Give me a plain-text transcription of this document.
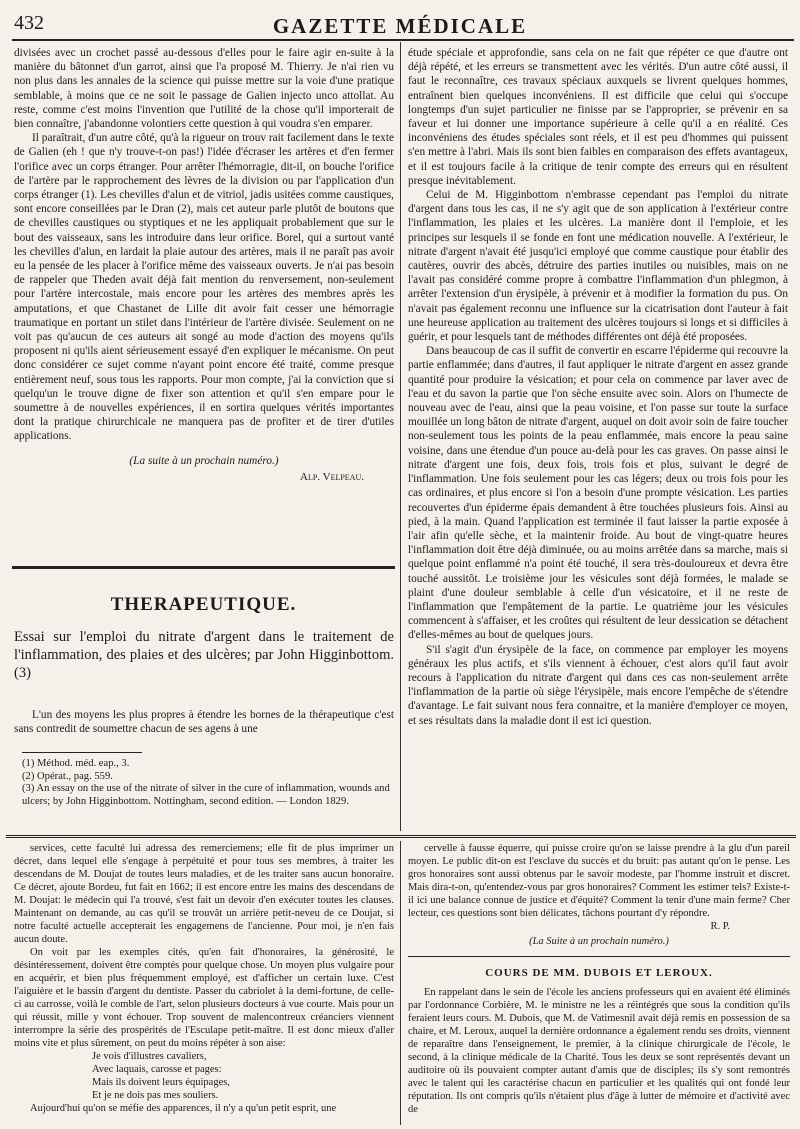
432	GAZETTE MÉDICALE

divisées avec un crochet passé au-dessous d'elles pour le faire agir en-suite à la manière du bâtonnet d'un garrot, ainsi que l'a proposé M. Thierry. Je n'ai rien vu non plus dans les annales de la science qui puisse mettre sur la voie d'une pratique semblable, à moins que ce ne soit le passage de Galien injecto unco attollat. Au reste, comme c'est moins l'invention que l'utilité de la chose qu'il importerait de bien connaître, j'abandonne volontiers cette question à qui voudra s'en emparer.

Il paraîtrait, d'un autre côté, qu'à la rigueur on trouv rait facilement dans le texte de Galien (eh ! que n'y trouve-t-on pas!) l'idée d'écraser les artères et d'en fermer l'orifice avec un corps étranger. Pour arrêter l'hémorragie, dit-il, on bouche l'orifice de l'artère par le rapprochement des lèvres de la division ou par l'application d'un corps étranger (1). Les chevilles d'alun et de vitriol, jadis usitées comme caustiques, sont encore conseillées par le Dran (2), mais cet auteur parle plutôt de boutons que de chevilles caustiques ou styptiques et ne les appliquait probablement que sur le bout des vaisseaux, sans les introduire dans leur orifice. Borel, qui a surtout vanté les chevilles d'alun, en lardait la plaie autour des artères, mais il ne paraît pas avoir eu la pensée de les placer à l'orifice même des vaisseaux ouverts. Je n'ai pas besoin de rappeler que Theden avait déjà fait mention du renversement, non-seulement pour l'artère intercostale, mais encore pour les artères des membres après les amputations, et que Chastanet de Lille dit avoir fait cesser une hémorragie traumatique en portant un stilet dans l'intérieur de l'artère divisée. Seulement on ne voit pas qu'aucun de ces auteurs ait songé au mode d'action des moyens qu'ils proposent ni qu'ils aient sérieusement essayé d'en expliquer le mécanisme. On peut donc considérer ce sujet comme n'ayant point encore été traité, comme presque entièrement neuf, sous tous les rapports. Pour mon compte, j'ai la conviction que si quelqu'un le trouve digne de fixer son attention et qu'il s'en empare pour le soumettre à de nouvelles expériences, il en sortira quelques vérités importantes dont la pratique chirurchicale ne manquera pas de profiter et de tirer d'utiles applications.

(La suite à un prochain numéro.)
Alp. Velpeau.
THERAPEUTIQUE.
Essai sur l'emploi du nitrate d'argent dans le traitement de l'inflammation, des plaies et des ulcères; par John Higginbottom. (3)

L'un des moyens les plus propres à étendre les bornes de la thérapeutique c'est sans contredit de soumettre chacun de ses agens à une

(1) Méthod. méd. eap., 3.
(2) Opérat., pag. 559.
(3) An essay on the use of the nitrate of silver in the cure of inflammation, wounds and ulcers; by John Higginbottom. Nottingham, second edition. — London 1829.

étude spéciale et approfondie, sans cela on ne fait que répéter ce que d'autre ont déjà répété, et les erreurs se transmettent avec les vérités. D'un autre côté aussi, il faut le reconnaître, ces travaux spéciaux auxquels se livrent quelques hommes, entraînent bien quelques inconvéniens. Il est difficile que celui qui s'occupe longtemps d'un sujet particulier ne finisse par se l'approprier, se prévenir en sa faveur et lui donner une importance supérieure à celle qu'il a en réalité. Ces inconvéniens des études spéciales sont réels, et il est peu d'hommes qui puissent s'en mettre à l'abri. Mais ils sont bien faibles en comparaison des effets avantageux, et il est toujours facile à la critique de tenir compte des erreurs qui en résultent presque inévitablement.

Celui de M. Higginbottom n'embrasse cependant pas l'emploi du nitrate d'argent dans tous les cas, il ne s'y agit que de son application à l'extérieur contre l'inflammation, les plaies et les ulcères. La manière dont il l'emploie, et les principes sur lesquels il se fonde en font une médication nouvelle. A l'extérieur, le nitrate d'argent n'avait été jusqu'ici employé que comme caustique pour établir des cautères, ouvrir des abcès, détruire des parties inutiles ou nuisibles, mais on ne l'avait pas considéré comme propre à combattre l'inflammation d'un phlegmon, à arrêter l'extension d'un érysipèle, à prévenir et à modifier la formation du pus. On n'avait pas également reconnu une influence sur la cicatrisation dont l'auteur à fait une heureuse application au traitement des ulcères toujours si longs et si difficiles à guérir, et pour lesquels tant de méthodes différentes ont déjà été proposées.

Dans beaucoup de cas il suffit de convertir en escarre l'épiderme qui recouvre la partie enflammée; dans d'autres, il faut appliquer le nitrate d'argent en assez grande quantité pour produire la vésication; et pour cela on commence par laver avec de l'eau et du savon la partie que l'on sèche ensuite avec soin. Alors on l'humecte de nouveau avec de l'eau, ainsi que la peau voisine, et l'on passe sur toute la surface mouillée un long bâton de nitrate d'argent, auquel on doit avoir soin de faire toucher non-seulement tous les points de la peau enflammée, mais encore la peau saine voisine, dans une étendue d'un pouce au-delà pour les cas graves. On passe ainsi le nitrate d'argent une fois, deux fois, trois fois et plus, suivant le degré de l'inflammation. Une fois seulement pour les cas légers; deux ou trois fois pour les cas ordinaires, et plus encore si l'on a besoin d'une prompte vésication. Les parties recouvertes d'un épiderme épais demandent à être touchées plusieurs fois. Ainsi au pied, à la main. Quand l'application est terminée il faut laisser la partie exposée à l'air afin qu'elle sèche, et la maintenir froide. Au bout de vingt-quatre heures l'inflammation doit être déjà diminuée, ou au moins arrêtée dans sa marche, mais si quelque point enflammé n'a point été touché, il sera très-douloureux et devra être touché aussitôt. Le troisième jour les vésicules sont déjà formées, le malade se plaint d'une douleur semblable à celle d'un vésicatoire, et il ne reste de l'inflammation que l'empâtement de la partie. Le quatrième jour les vésicules commencent à s'affaiser, et les croûtes qui résultent de leur dessication se détachent d'elles-mêmes au bout de quelques jours.

S'il s'agit d'un érysipèle de la face, on commence par employer les moyens généraux les plus actifs, et s'ils viennent à échouer, c'est alors qu'il faut avoir recours à l'application du nitrate d'argent qui dans ces cas non-seulement arrête l'inflammation de la partie où siège l'érysipèle, mais encore l'empêche de s'étendre d'avantage. Le fait suivant nous fera connaitre, et la manière d'employer ce moyen, et ses résultats dans la maladie dont il est ici question.

services, cette faculté lui adressa des remerciemens; elle fit de plus imprimer un décret, dans lequel elle s'engage à perpétuité et pour tous ses membres, à traiter les descendans de M. Doujat de toutes leurs maladies, et de les traiter sans aucun honoraire. Ce décret, ajoute Bordeu, fut fait en 1662; il est encore entre les mains des descendans de M. Doujat: le médecin qui l'a trouvé, s'est fait un devoir d'en exécuter toutes les clauses. Maintenant on demande, au cas qu'il se trouvât un arrière petit-neveu de ce Doujat, si notre faculté actuelle accepterait les engagemens de l'ancienne. Pour moi, je n'en fais aucun doute.

On voit par les exemples cités, qu'en fait d'honoraires, la générosité, le désintéressement, doivent être comptés pour quelque chose. Un moyen plus vulgaire pour en acquérir, et bien plus fréquemment employé, est d'afficher un certain luxe. C'est l'aiguière et le bassin d'argent du dentiste. Passer du cabriolet à la demi-fortune, de celle-ci au carrosse, voilà le comble de l'art, selon plusieurs docteurs à vue courte. Mais pour un qui réussit, mille y vont échouer. Trop souvent de malencontreux créanciers viennent interrompre la série des prospérités de l'Esculape petit-maître. Il est donc mieux d'aller moins vite et plus sûrement, on peut du moins répéter à son aise:

Je vois d'illustres cavaliers,
Avec laquais, carosse et pages:
Mais ils doivent leurs équipages,
Et je ne dois pas mes souliers.

Aujourd'hui qu'on se méfie des apparences, il n'y a qu'un petit esprit, une

cervelle à fausse équerre, qui puisse croire qu'on se laisse prendre à la glu d'un pareil moyen. Le public dit-on est l'esclave du succès et du bruit: pas autant qu'on le pense. Les gros honoraires sont aussi obtenus par le savoir modeste, par l'homme instruit et discret. Mais dira-t-on, qu'entendez-vous par gros honoraires? Comment les estimer tels? Existe-t-il ici une balance connue de justice et d'équité? Comment la tenir d'une main ferme? Cher lecteur, ces questions sont bien délicates, tâchons pourtant d'y répondre.

R. P.
(La Suite à un prochain numéro.)
COURS DE MM. DUBOIS ET LEROUX.

En rappelant dans le sein de l'école les anciens professeurs qui en avaient été éliminés par l'ordonnance Corbière, M. le ministre ne les a réintégrés que sous la condition qu'ils feraient leurs cours. M. Dubois, que M. de Vatimesnil avait déjà remis en possession de sa chaire, et M. Leroux, auquel la dernière ordonnance a également rendu ses droits, viennent de reparaître dans l'enseignement, le premier, à la clinique chirurgicale de l'école, le second, à la clinique médicale de la Charité. Tous les deux se sont représentés devant un auditoire où ils pouvaient compter autant d'amis que de disciples; ils s'y sont remontrés avec le talent qui les caractérise chacun en particulier et les qualités qui ont fondé leur réputation. Ils ont compris qu'ils n'étaient plus d'âge à lutter de mémoire et d'activité avec de
